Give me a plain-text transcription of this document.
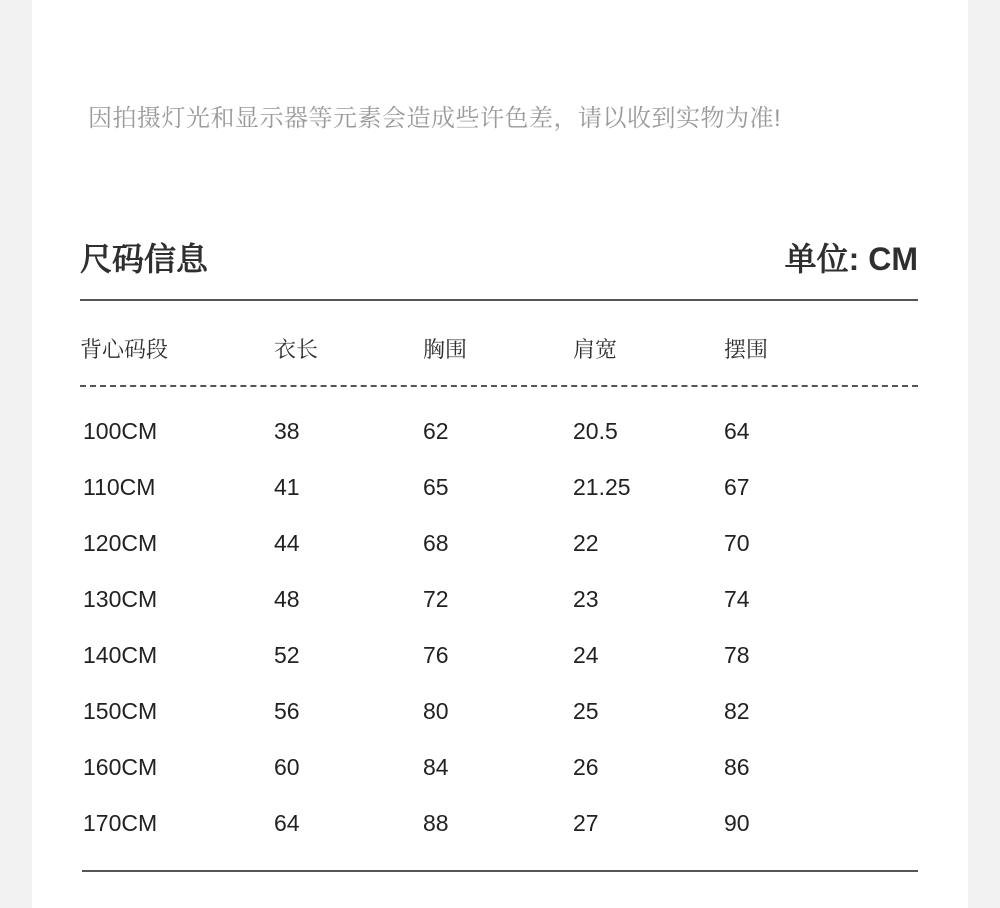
因拍摄灯光和显示器等元素会造成些许色差，请以收到实物为准!
尺码信息	单位: CM
背心码段	衣长	胸围	肩宽	摆围
100CM	38	62	20.5	64
110CM	41	65	21.25	67
120CM	44	68	22	70
130CM	48	72	23	74
140CM	52	76	24	78
150CM	56	80	25	82
160CM	60	84	26	86
170CM	64	88	27	90
